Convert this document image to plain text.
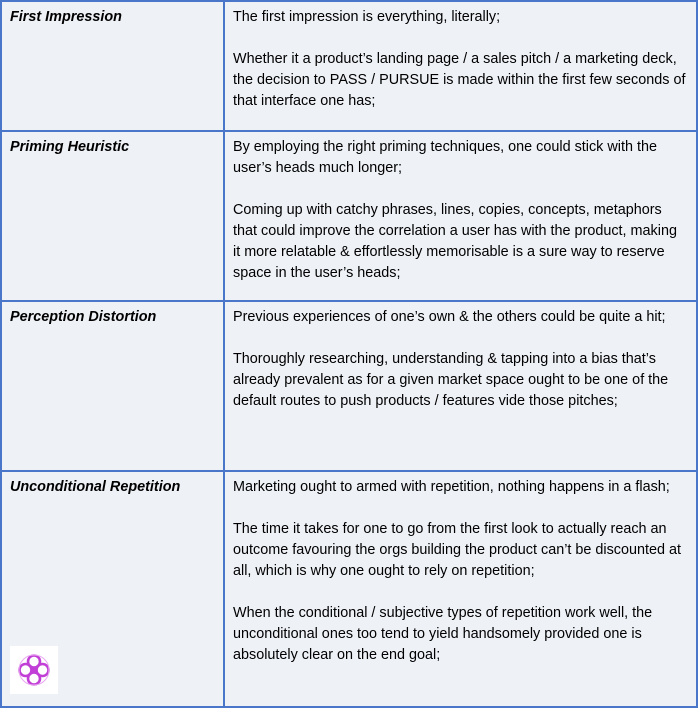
First Impression	The first impression is everything, literally;

Whether it a product’s landing page / a sales pitch / a marketing deck, the decision to PASS / PURSUE is made within the first few seconds of that interface one has;

Priming Heuristic	By employing the right priming techniques, one could stick with the user’s heads much longer;

Coming up with catchy phrases, lines, copies, concepts, metaphors that could improve the correlation a user has with the product, making it more relatable & effortlessly memorisable is a sure way to reserve space in the user’s heads;

Perception Distortion	Previous experiences of one’s own & the others could be quite a hit;

Thoroughly researching, understanding & tapping into a bias that’s already prevalent as for a given market space ought to be one of the default routes to push products / features vide those pitches;

Unconditional Repetition	Marketing ought to armed with repetition, nothing happens in a flash;

The time it takes for one to go from the first look to actually reach an outcome favouring the orgs building the product can’t be discounted at all, which is why one ought to rely on repetition;

When the conditional / subjective types of repetition work well, the unconditional ones too tend to yield handsomely provided one is absolutely clear on the end goal;
